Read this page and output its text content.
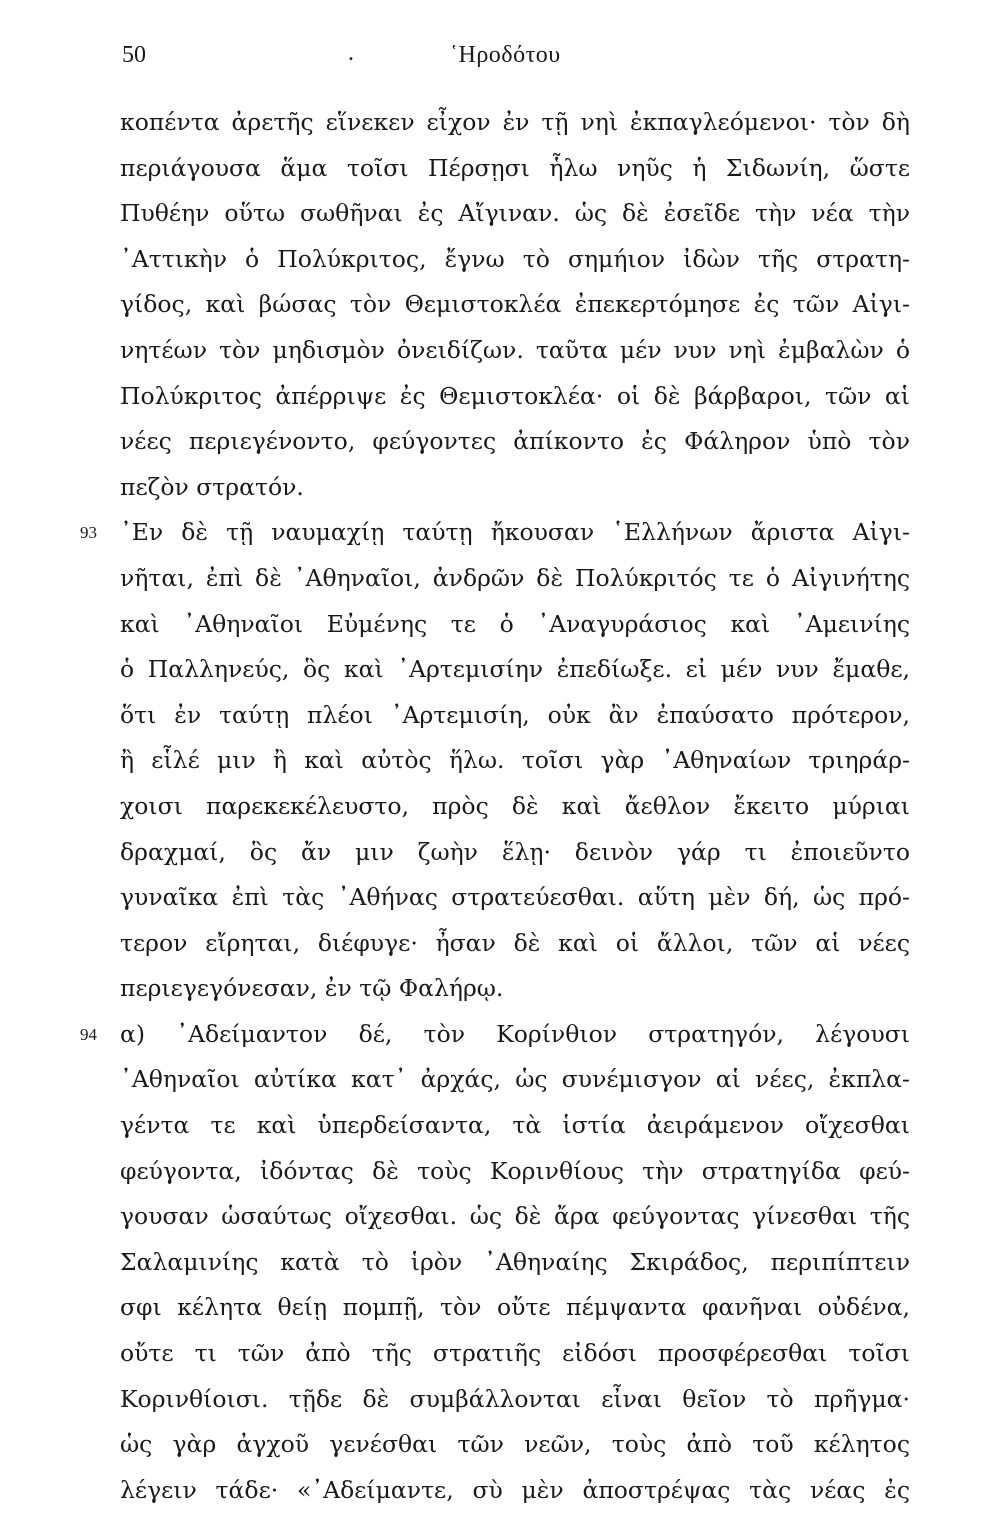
50	.	῾Ηροδότου
κοπέντα ἀρετῆς εἵνεκεν εἶχον ἐν τῇ νηὶ ἐκπαγλεόμενοι· τὸν δὴ
περιάγουσα ἅμα τοῖσι Πέρσῃσι ἧλω νηῦς ἡ Σιδωνίη, ὥστε
Πυθέην οὕτω σωθῆναι ἐς Αἴγιναν. ὡς δὲ ἐσεῖδε τὴν νέα τὴν
᾿Αττικὴν ὁ Πολύκριτος, ἔγνω τὸ σημήιον ἰδὼν τῆς στρατη-
γίδος, καὶ βώσας τὸν Θεμιστοκλέα ἐπεκερτόμησε ἐς τῶν Αἰγι-
νητέων τὸν μηδισμὸν ὀνειδίζων. ταῦτα μέν νυν νηὶ ἐμβαλὼν ὁ
Πολύκριτος ἀπέρριψε ἐς Θεμιστοκλέα· οἱ δὲ βάρβαροι, τῶν αἱ
νέες περιεγένοντο, φεύγοντες ἀπίκοντο ἐς Φάληρον ὑπὸ τὸν
πεζὸν στρατόν.
93 ᾿Εν δὲ τῇ ναυμαχίῃ ταύτῃ ἤκουσαν ῾Ελλήνων ἄριστα Αἰγι-
νῆται, ἐπὶ δὲ ᾿Αθηναῖοι, ἀνδρῶν δὲ Πολύκριτός τε ὁ Αἰγινήτης
καὶ ᾿Αθηναῖοι Εὐμένης τε ὁ ᾿Αναγυράσιος καὶ ᾿Αμεινίης
ὁ Παλληνεύς, ὃς καὶ ᾿Αρτεμισίην ἐπεδίωξε. εἰ μέν νυν ἔμαθε,
ὅτι ἐν ταύτῃ πλέοι ᾿Αρτεμισίη, οὐκ ἂν ἐπαύσατο πρότερον,
ἢ εἷλέ μιν ἢ καὶ αὐτὸς ἥλω. τοῖσι γὰρ ᾿Αθηναίων τριηράρ-
χοισι παρεκεκέλευστο, πρὸς δὲ καὶ ἄεθλον ἔκειτο μύριαι
δραχμαί, ὃς ἄν μιν ζωὴν ἕλῃ· δεινὸν γάρ τι ἐποιεῦντο
γυναῖκα ἐπὶ τὰς ᾿Αθήνας στρατεύεσθαι. αὕτη μὲν δή, ὡς πρό-
τερον εἴρηται, διέφυγε· ἦσαν δὲ καὶ οἱ ἄλλοι, τῶν αἱ νέες
περιεγεγόνεσαν, ἐν τῷ Φαλήρῳ.
94 α) ᾿Αδείμαντον δέ, τὸν Κορίνθιον στρατηγόν, λέγουσι
᾿Αθηναῖοι αὐτίκα κατ᾿ ἀρχάς, ὡς συνέμισγον αἱ νέες, ἐκπλα-
γέντα τε καὶ ὑπερδείσαντα, τὰ ἱστία ἀειράμενον οἴχεσθαι
φεύγοντα, ἰδόντας δὲ τοὺς Κορινθίους τὴν στρατηγίδα φεύ-
γουσαν ὡσαύτως οἴχεσθαι. ὡς δὲ ἄρα φεύγοντας γίνεσθαι τῆς
Σαλαμινίης κατὰ τὸ ἱρὸν ᾿Αθηναίης Σκιράδος, περιπίπτειν
σφι κέλητα θείῃ πομπῇ, τὸν οὔτε πέμψαντα φανῆναι οὐδένα,
οὔτε τι τῶν ἀπὸ τῆς στρατιῆς εἰδόσι προσφέρεσθαι τοῖσι
Κορινθίοισι. τῇδε δὲ συμβάλλονται εἶναι θεῖον τὸ πρῆγμα·
ὡς γὰρ ἀγχοῦ γενέσθαι τῶν νεῶν, τοὺς ἀπὸ τοῦ κέλητος
λέγειν τάδε· «᾿Αδείμαντε, σὺ μὲν ἀποστρέψας τὰς νέας ἐς
